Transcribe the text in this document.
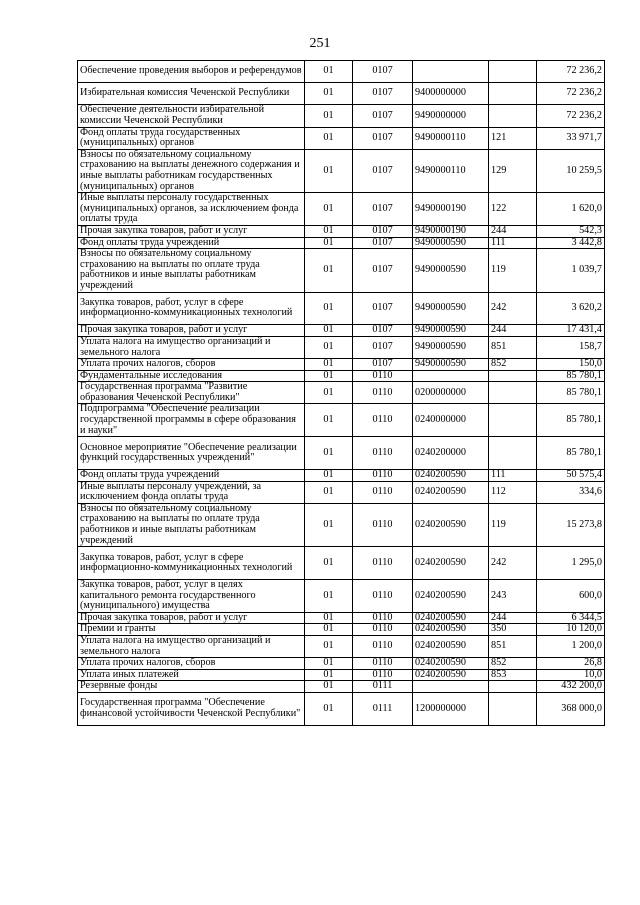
251
Обеспечение проведения выборов и референдумов	01	0107			72 236,2
Избирательная комиссия Чеченской Республики	01	0107	9400000000		72 236,2
Обеспечение деятельности избирательной комиссии Чеченской Республики	01	0107	9490000000		72 236,2
Фонд оплаты труда государственных (муниципальных) органов	01	0107	9490000110	121	33 971,7
Взносы по обязательному социальному страхованию на выплаты денежного содержания и иные выплаты работникам государственных (муниципальных) органов	01	0107	9490000110	129	10 259,5
Иные выплаты персоналу государственных (муниципальных) органов, за исключением фонда оплаты труда	01	0107	9490000190	122	1 620,0
Прочая закупка товаров, работ и услуг	01	0107	9490000190	244	542,3
Фонд оплаты труда учреждений	01	0107	9490000590	111	3 442,8
Взносы по обязательному социальному страхованию на выплаты по оплате труда работников и иные выплаты работникам учреждений	01	0107	9490000590	119	1 039,7
Закупка товаров, работ, услуг в сфере информационно-коммуникационных технологий	01	0107	9490000590	242	3 620,2
Прочая закупка товаров, работ и услуг	01	0107	9490000590	244	17 431,4
Уплата налога на имущество организаций и земельного налога	01	0107	9490000590	851	158,7
Уплата прочих налогов, сборов	01	0107	9490000590	852	150,0
Фундаментальные исследования	01	0110			85 780,1
Государственная программа "Развитие образования Чеченской Республики"	01	0110	0200000000		85 780,1
Подпрограмма "Обеспечение реализации государственной программы в сфере образования и науки"	01	0110	0240000000		85 780,1
Основное мероприятие "Обеспечение реализации функций государственных учреждений"	01	0110	0240200000		85 780,1
Фонд оплаты труда учреждений	01	0110	0240200590	111	50 575,4
Иные выплаты персоналу учреждений, за исключением фонда оплаты труда	01	0110	0240200590	112	334,6
Взносы по обязательному социальному страхованию на выплаты по оплате труда работников и иные выплаты работникам учреждений	01	0110	0240200590	119	15 273,8
Закупка товаров, работ, услуг в сфере информационно-коммуникационных технологий	01	0110	0240200590	242	1 295,0
Закупка товаров, работ, услуг в целях капитального ремонта государственного (муниципального) имущества	01	0110	0240200590	243	600,0
Прочая закупка товаров, работ и услуг	01	0110	0240200590	244	6 344,5
Премии и гранты	01	0110	0240200590	350	10 120,0
Уплата налога на имущество организаций и земельного налога	01	0110	0240200590	851	1 200,0
Уплата прочих налогов, сборов	01	0110	0240200590	852	26,8
Уплата иных платежей	01	0110	0240200590	853	10,0
Резервные фонды	01	0111			432 200,0
Государственная программа "Обеспечение финансовой устойчивости Чеченской Республики"	01	0111	1200000000		368 000,0
